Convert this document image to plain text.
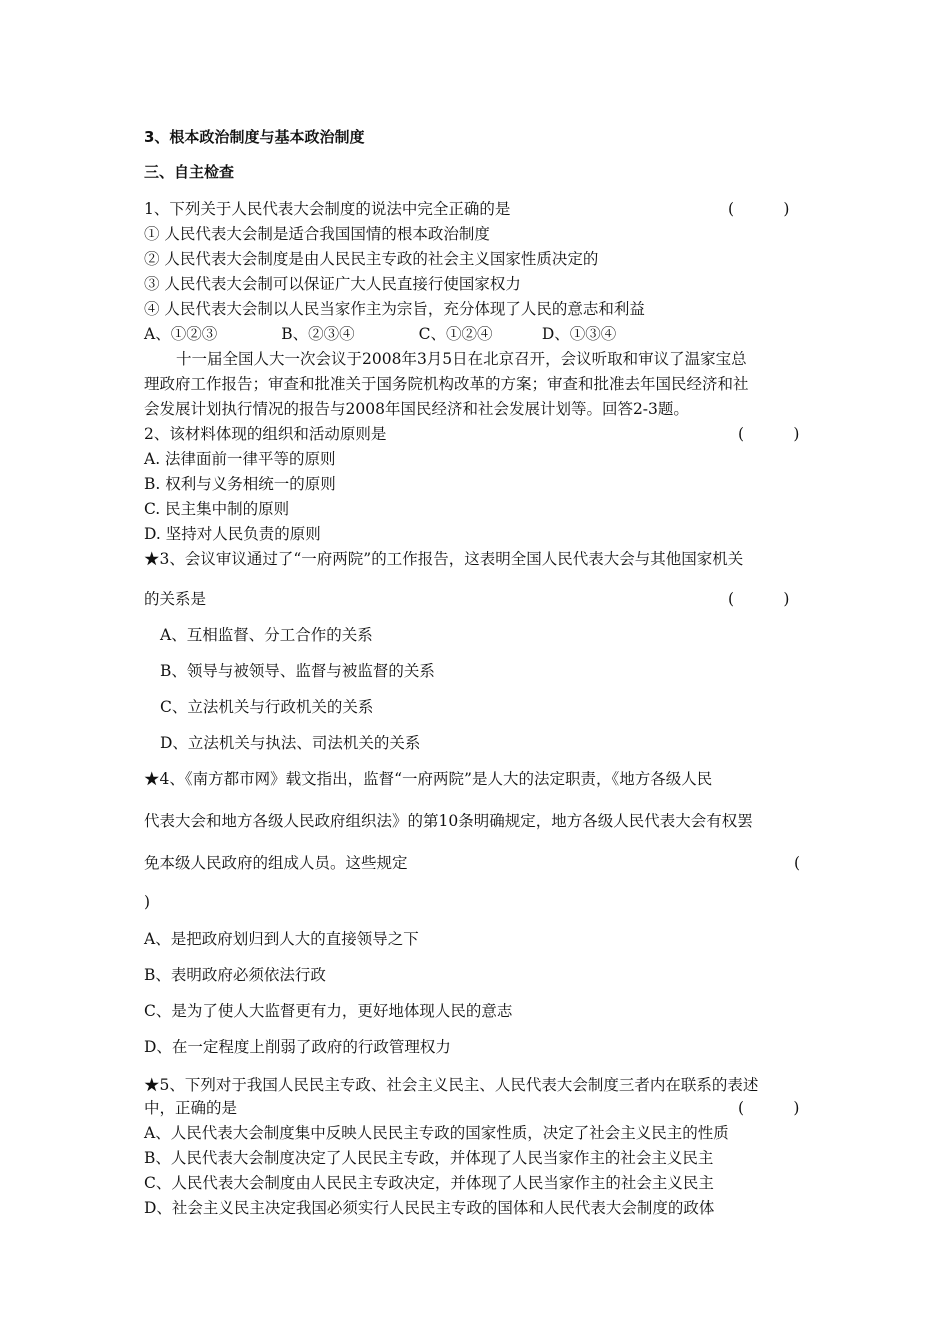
3、根本政治制度与基本政治制度
三、自主检查
1、下列关于人民代表大会制度的说法中完全正确的是	(          )
① 人民代表大会制是适合我国国情的根本政治制度
② 人民代表大会制度是由人民民主专政的社会主义国家性质决定的
③ 人民代表大会制可以保证广大人民直接行使国家权力
④ 人民代表大会制以人民当家作主为宗旨，充分体现了人民的意志和利益
A、①②③             B、②③④             C、①②④          D、①③④
十一届全国人大一次会议于2008年3月5日在北京召开，会议听取和审议了温家宝总
理政府工作报告；审查和批准关于国务院机构改革的方案；审查和批准去年国民经济和社
会发展计划执行情况的报告与2008年国民经济和社会发展计划等。回答2-3题。
2、该材料体现的组织和活动原则是	(          )
A. 法律面前一律平等的原则
B. 权利与义务相统一的原则
C. 民主集中制的原则
D. 坚持对人民负责的原则
★3、会议审议通过了“一府两院”的工作报告，这表明全国人民代表大会与其他国家机关
的关系是	(          )
A、互相监督、分工合作的关系
B、领导与被领导、监督与被监督的关系
C、立法机关与行政机关的关系
D、立法机关与执法、司法机关的关系
★4、《南方都市网》载文指出，监督“一府两院”是人大的法定职责，《地方各级人民
代表大会和地方各级人民政府组织法》的第10条明确规定，地方各级人民代表大会有权罢
免本级人民政府的组成人员。这些规定	(
)
A、是把政府划归到人大的直接领导之下
B、表明政府必须依法行政
C、是为了使人大监督更有力，更好地体现人民的意志
D、在一定程度上削弱了政府的行政管理权力
★5、下列对于我国人民民主专政、社会主义民主、人民代表大会制度三者内在联系的表述
中，正确的是	(          )
A、人民代表大会制度集中反映人民民主专政的国家性质，决定了社会主义民主的性质
B、人民代表大会制度决定了人民民主专政，并体现了人民当家作主的社会主义民主
C、人民代表大会制度由人民民主专政决定，并体现了人民当家作主的社会主义民主
D、社会主义民主决定我国必须实行人民民主专政的国体和人民代表大会制度的政体
